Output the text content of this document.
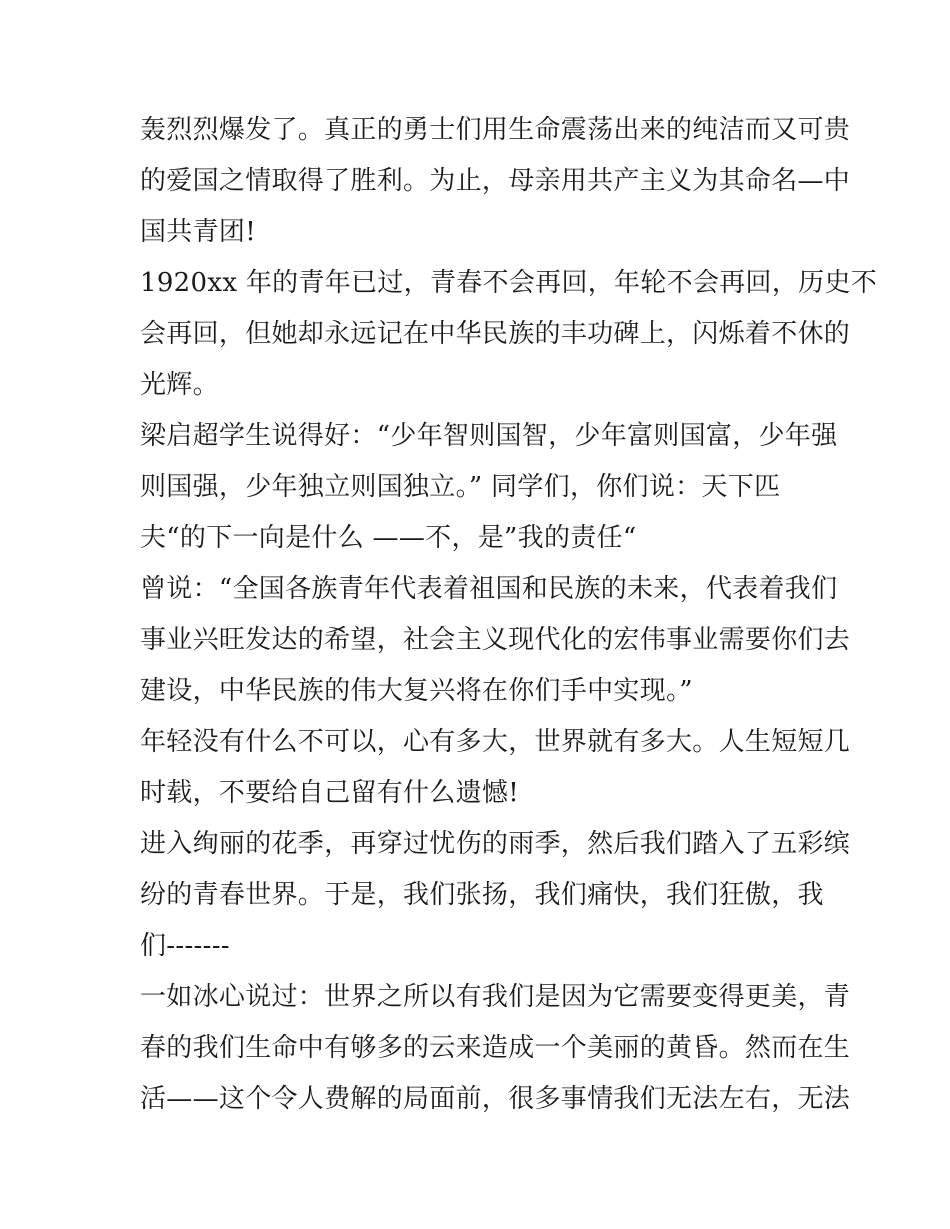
轰烈烈爆发了。真正的勇士们用生命震荡出来的纯洁而又可贵
的爱国之情取得了胜利。为止，母亲用共产主义为其命名—中
国共青团!
1920xx 年的青年已过，青春不会再回，年轮不会再回，历史不
会再回，但她却永远记在中华民族的丰功碑上，闪烁着不休的
光辉。
梁启超学生说得好：“少年智则国智，少年富则国富，少年强
则国强，少年独立则国独立。” 同学们，你们说：天下匹
夫“的下一向是什么 ——不，是”我的责任“
曾说：“全国各族青年代表着祖国和民族的未来，代表着我们
事业兴旺发达的希望，社会主义现代化的宏伟事业需要你们去
建设，中华民族的伟大复兴将在你们手中实现。”
年轻没有什么不可以，心有多大，世界就有多大。人生短短几
时载，不要给自己留有什么遗憾!
进入绚丽的花季，再穿过忧伤的雨季，然后我们踏入了五彩缤
纷的青春世界。于是，我们张扬，我们痛快，我们狂傲，我
们-------
一如冰心说过：世界之所以有我们是因为它需要变得更美，青
春的我们生命中有够多的云来造成一个美丽的黄昏。然而在生
活——这个令人费解的局面前，很多事情我们无法左右，无法
